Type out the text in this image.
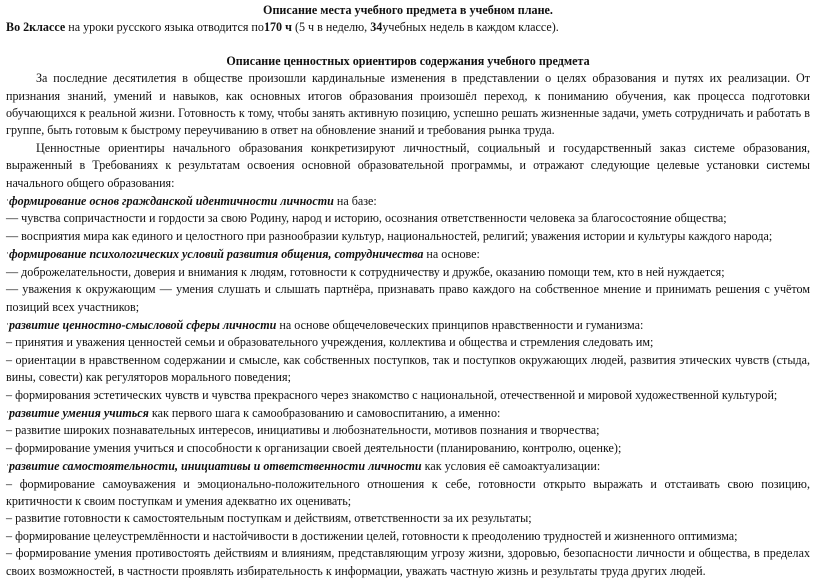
Описание места учебного предмета в учебном плане.

Во 2классе на уроки русского языка отводится по170 ч (5 ч в неделю, 34учебных недель в каждом классе).

Описание ценностных ориентиров содержания учебного предмета

За последние десятилетия в обществе произошли кардинальные изменения в представлении о целях образования и путях их реализации. От признания знаний, умений и навыков, как основных итогов образования произошёл переход, к пониманию обучения, как процесса подготовки обучающихся к реальной жизни. Готовность к тому, чтобы занять активную позицию, успешно решать жизненные задачи, уметь сотрудничать и работать в группе, быть готовым к быстрому переучиванию в ответ на обновление знаний и требования рынка труда.

Ценностные ориентиры начального образования конкретизируют личностный, социальный и государственный заказ системе образования, выраженный в Требованиях к результатам освоения основной образовательной программы, и отражают следующие целевые установки системы начального общего образования:

·формирование основ гражданской идентичности личности на базе:

— чувства сопричастности и гордости за свою Родину, народ и историю, осознания ответственности человека за благосостояние общества;

— восприятия мира как единого и целостного при разнообразии культур, национальностей, религий; уважения истории и культуры каждого народа;

·формирование психологических условий развития общения, сотрудничества на основе:

— доброжелательности, доверия и внимания к людям, готовности к сотрудничеству и дружбе, оказанию помощи тем, кто в ней нуждается;

— уважения к окружающим — умения слушать и слышать партнёра, признавать право каждого на собственное мнение и принимать решения с учётом позиций всех участников;

·развитие ценностно-смысловой сферы личности на основе общечеловеческих принципов нравственности и гуманизма:

– принятия и уважения ценностей семьи и образовательного учреждения, коллектива и общества и стремления следовать им;

– ориентации в нравственном содержании и смысле, как собственных поступков, так и поступков окружающих людей, развития этических чувств (стыда, вины, совести) как регуляторов морального поведения;

– формирования эстетических чувств и чувства прекрасного через знакомство с национальной, отечественной и мировой художественной культурой;

·развитие умения учиться как первого шага к самообразованию и самовоспитанию, а именно:

– развитие широких познавательных интересов, инициативы и любознательности, мотивов познания и творчества;

– формирование умения учиться и способности к организации своей деятельности (планированию, контролю, оценке);

·развитие самостоятельности, инициативы и ответственности личности как условия её самоактуализации:

– формирование самоуважения и эмоционально-положительного отношения к себе, готовности открыто выражать и отстаивать свою позицию, критичности к своим поступкам и умения адекватно их оценивать;

– развитие готовности к самостоятельным поступкам и действиям, ответственности за их результаты;

– формирование целеустремлённости и настойчивости в достижении целей, готовности к преодолению трудностей и жизненного оптимизма;

– формирование умения противостоять действиям и влияниям, представляющим угрозу жизни, здоровью, безопасности личности и общества, в пределах своих возможностей, в частности проявлять избирательность к информации, уважать частную жизнь и результаты труда других людей.
